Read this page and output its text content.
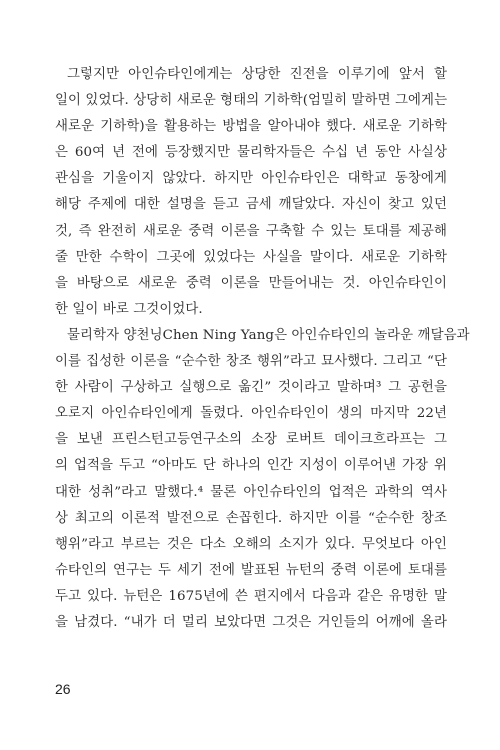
그렇지만 아인슈타인에게는 상당한 진전을 이루기에 앞서 할
일이 있었다. 상당히 새로운 형태의 기하학(엄밀히 말하면 그에게는
새로운 기하학)을 활용하는 방법을 알아내야 했다. 새로운 기하학
은 60여 년 전에 등장했지만 물리학자들은 수십 년 동안 사실상
관심을 기울이지 않았다. 하지만 아인슈타인은 대학교 동창에게
해당 주제에 대한 설명을 듣고 금세 깨달았다. 자신이 찾고 있던
것, 즉 완전히 새로운 중력 이론을 구축할 수 있는 토대를 제공해
줄 만한 수학이 그곳에 있었다는 사실을 말이다. 새로운 기하학
을 바탕으로 새로운 중력 이론을 만들어내는 것. 아인슈타인이
한 일이 바로 그것이었다.
물리학자 양천닝Chen Ning Yang은 아인슈타인의 놀라운 깨달음과
이를 집성한 이론을 “순수한 창조 행위”라고 묘사했다. 그리고 “단
한 사람이 구상하고 실행으로 옮긴” 것이라고 말하며³ 그 공헌을
오로지 아인슈타인에게 돌렸다. 아인슈타인이 생의 마지막 22년
을 보낸 프린스턴고등연구소의 소장 로버트 데이크흐라프는 그
의 업적을 두고 “아마도 단 하나의 인간 지성이 이루어낸 가장 위
대한 성취”라고 말했다.⁴ 물론 아인슈타인의 업적은 과학의 역사
상 최고의 이론적 발전으로 손꼽힌다. 하지만 이를 “순수한 창조
행위”라고 부르는 것은 다소 오해의 소지가 있다. 무엇보다 아인
슈타인의 연구는 두 세기 전에 발표된 뉴턴의 중력 이론에 토대를
두고 있다. 뉴턴은 1675년에 쓴 편지에서 다음과 같은 유명한 말
을 남겼다. “내가 더 멀리 보았다면 그것은 거인들의 어깨에 올라
26
